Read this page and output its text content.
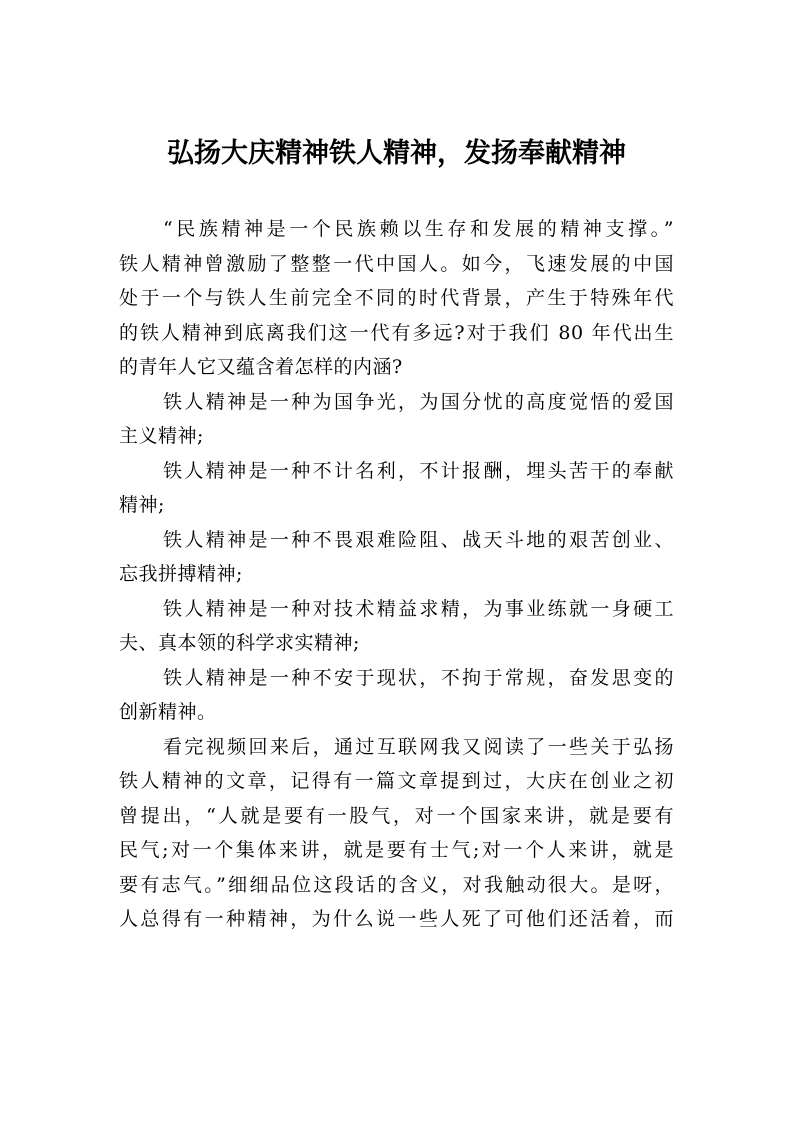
弘扬大庆精神铁人精神，发扬奉献精神
“民族精神是一个民族赖以生存和发展的精神支撑。”
铁人精神曾激励了整整一代中国人。如今，飞速发展的中国
处于一个与铁人生前完全不同的时代背景，产生于特殊年代
的铁人精神到底离我们这一代有多远?对于我们 80 年代出生
的青年人它又蕴含着怎样的内涵?
铁人精神是一种为国争光，为国分忧的高度觉悟的爱国
主义精神;
铁人精神是一种不计名利，不计报酬，埋头苦干的奉献
精神;
铁人精神是一种不畏艰难险阻、战天斗地的艰苦创业、
忘我拼搏精神;
铁人精神是一种对技术精益求精，为事业练就一身硬工
夫、真本领的科学求实精神;
铁人精神是一种不安于现状，不拘于常规，奋发思变的
创新精神。
看完视频回来后，通过互联网我又阅读了一些关于弘扬
铁人精神的文章，记得有一篇文章提到过，大庆在创业之初
曾提出，“人就是要有一股气，对一个国家来讲，就是要有
民气;对一个集体来讲，就是要有士气;对一个人来讲，就是
要有志气。”细细品位这段话的含义，对我触动很大。是呀，
人总得有一种精神，为什么说一些人死了可他们还活着，而
